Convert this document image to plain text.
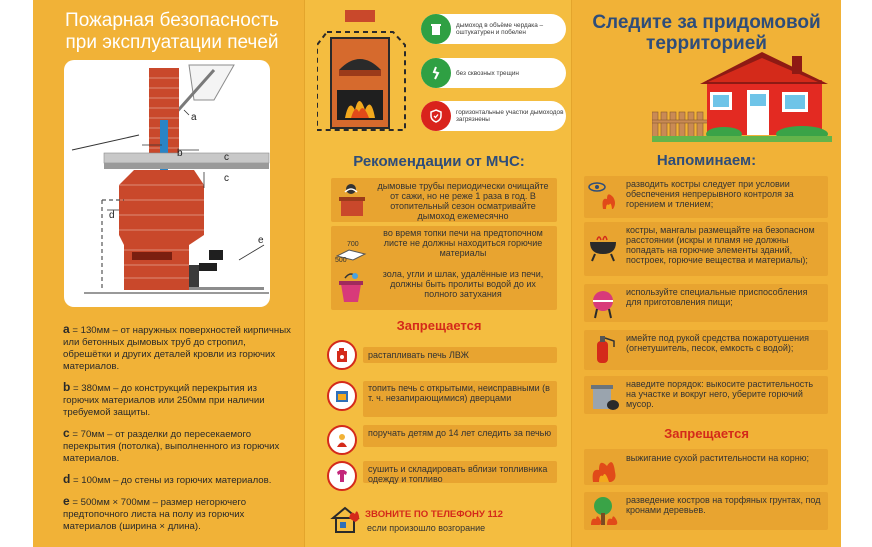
Пожарная безопасность
при эксплуатации печей
a
b	c
c
d
e

a = 130мм – от наружных поверхностей кирпичных или бетонных дымовых труб до стропил, обрешётки и других деталей кровли из горючих материалов.

b = 380мм – до конструкций перекрытия из горючих материалов или 250мм при наличии требуемой защиты.

c = 70мм – от разделки до пересекаемого перекрытия (потолка), выполненного из горючих материалов.

d = 100мм – до стены из горючих материалов.

e = 500мм × 700мм – размер негорючего предтопочного листа на полу из горючих материалов (ширина × длина).

дымоход в объёме чердака – оштукатурен и побелен
без сквозных трещин
горизонтальные участки дымоходов загрязнены
Рекомендации от МЧС:
дымовые трубы периодически очищайте от сажи, но не реже 1 раза в год. В отопительный сезон осматривайте дымоход ежемесячно
700
500
во время топки печи на предтопочном листе не должны находиться горючие материалы
зола, угли и шлак, удалённые из печи, должны быть пролиты водой до их полного затухания
Запрещается
растапливать печь ЛВЖ
топить печь с открытыми, неисправными (в т. ч. незапирающимися) дверцами
поручать детям до 14 лет следить за печью
сушить и складировать вблизи топливника одежду и топливо
ЗВОНИТЕ ПО ТЕЛЕФОНУ 112
если произошло возгорание
Следите за придомовой
территорией
Напоминаем:
разводить костры следует при условии обеспечения непрерывного контроля за горением и тлением;
костры, мангалы размещайте на безопасном расстоянии (искры и пламя не должны попадать на горючие элементы зданий, построек, горючие вещества и материалы);
используйте специальные приспособления для приготовления пищи;
имейте под рукой средства пожаротушения (огнетушитель, песок, емкость с водой);
наведите порядок: выкосите растительность на участке и вокруг него, уберите горючий мусор.
Запрещается
выжигание сухой растительности на корню;
разведение костров на торфяных грунтах, под кронами деревьев.
